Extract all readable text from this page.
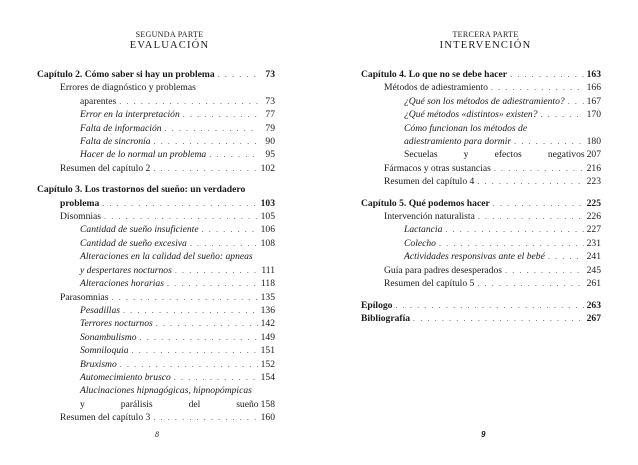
SEGUNDA PARTE
EVALUACIÓN
Capítulo 2. Cómo saber si hay un problema . . .	73
Errores de diagnóstico y problemas
aparentes . . .	73
Error en la interpretación . . .	77
Falta de información . . .	79
Falta de sincronía . . .	90
Hacer de lo normal un problema . . .	95
Resumen del capítulo 2 . . .	102
Capítulo 3. Los trastornos del sueño: un verdadero
problema . . .	103
Disomnias . . .	105
Cantidad de sueño insuficiente . . .	106
Cantidad de sueño excesiva . . .	108
Alteraciones en la calidad del sueño: apneas
y despertares nocturnos . . .	111
Alteraciones horarias . . .	118
Parasomnias . . .	135
Pesadillas . . .	136
Terrores nocturnos . . .	142
Sonambulismo . . .	149
Somniloquia . . .	151
Bruxismo . . .	152
Automecimiento brusco . . .	154
Alucinaciones hipnagógicas, hipnopómpicas
y	parálisis	del	sueño 158
Resumen del capítulo 3 . . .	160
8
TERCERA PARTE
INTERVENCIÓN
Capítulo 4. Lo que no se debe hacer . . .	163
Métodos de adiestramiento . . .	166
¿Qué son los métodos de adiestramiento? . . . 167
¿Qué métodos «distintos» existen? . . .	170
Cómo funcionan los métodos de
adiestramiento para dormir . . .	180
Secuelas	y	efectos	negativos 207
Fármacos y otras sustancias . . .	216
Resumen del capítulo 4 . . .	223
Capítulo 5. Qué podemos hacer . . .	225
Intervención naturalista . . .	226
Lactancia . . .	227
Colecho . . .	231
Actividades responsivas ante el bebé . . .	241
Guía para padres desesperados . . .	245
Resumen del capítulo 5 . . .	261
Epílogo . . .	263
Bibliografía . . .	267
9
